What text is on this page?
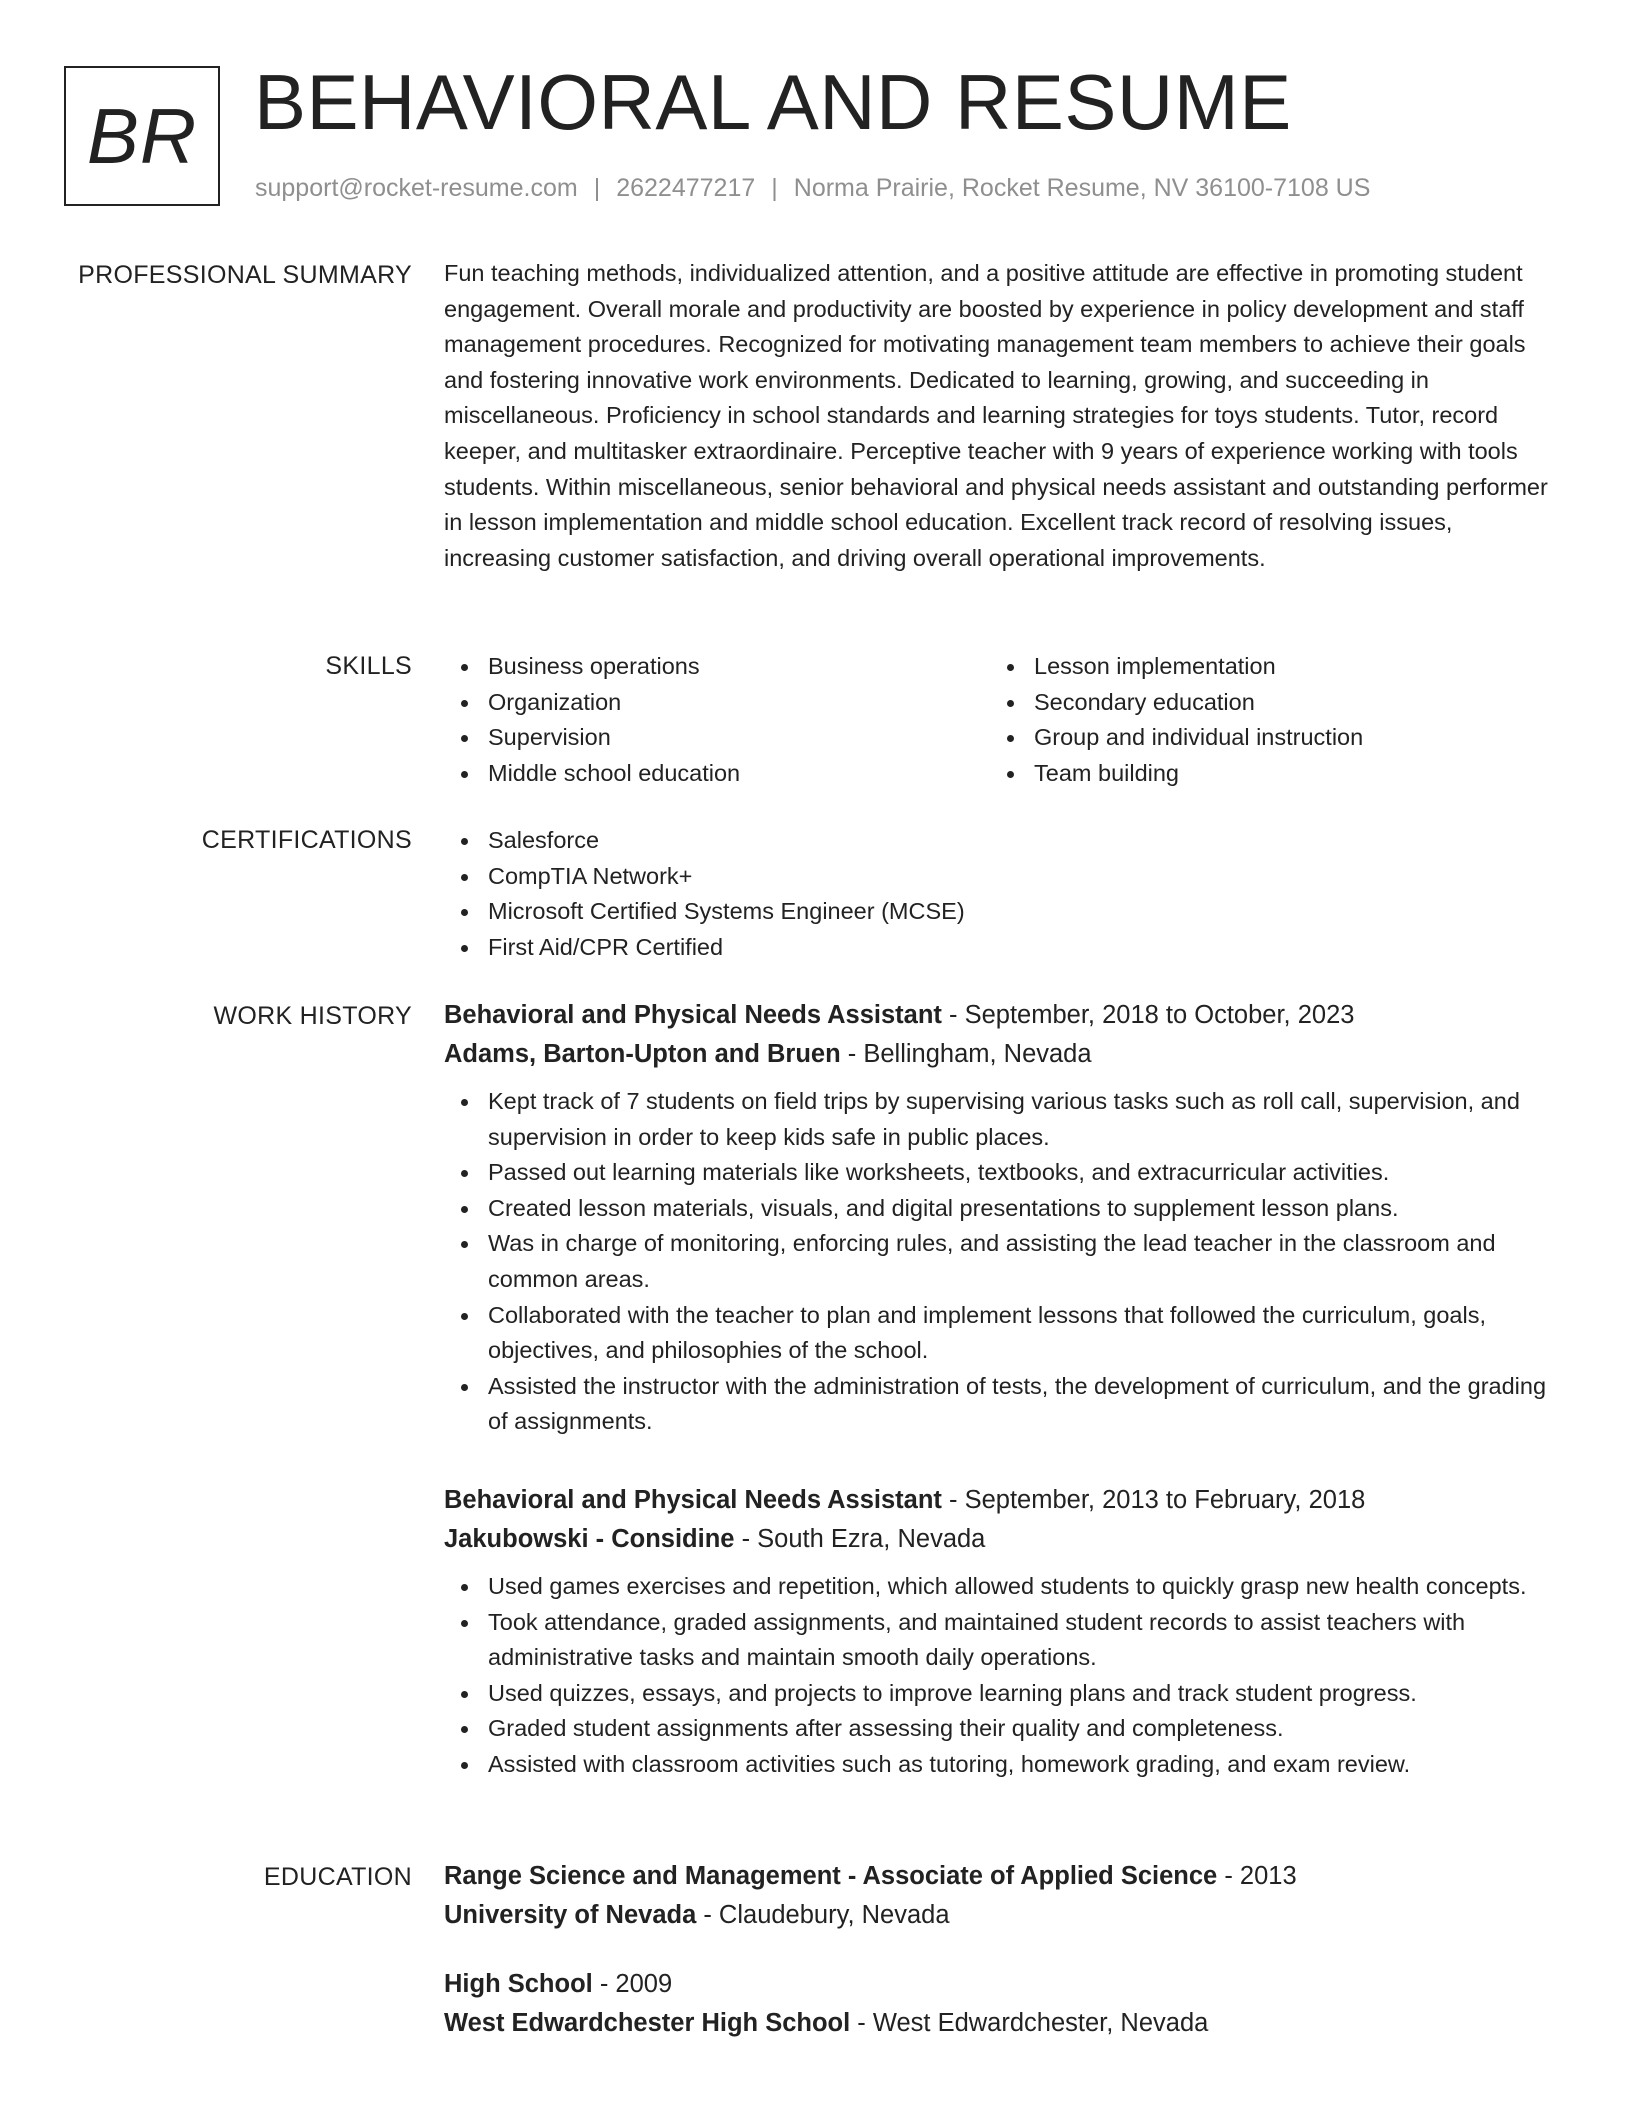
BR BEHAVIORAL AND RESUME
support@rocket-resume.com | 2622477217 | Norma Prairie, Rocket Resume, NV 36100-7108 US
PROFESSIONAL SUMMARY Fun teaching methods, individualized attention, and a positive attitude are effective in promoting student engagement. Overall morale and productivity are boosted by experience in policy development and staff management procedures. Recognized for motivating management team members to achieve their goals and fostering innovative work environments. Dedicated to learning, growing, and succeeding in miscellaneous. Proficiency in school standards and learning strategies for toys students. Tutor, record keeper, and multitasker extraordinaire. Perceptive teacher with 9 years of experience working with tools students. Within miscellaneous, senior behavioral and physical needs assistant and outstanding performer in lesson implementation and middle school education. Excellent track record of resolving issues, increasing customer satisfaction, and driving overall operational improvements.

SKILLS	Business operations
Organization
Supervision
Middle school education
Lesson implementation
Secondary education
Group and individual instruction
Team building
CERTIFICATIONS	Salesforce
CompTIA Network+
Microsoft Certified Systems Engineer (MCSE)
First Aid/CPR Certified
WORK HISTORY Behavioral and Physical Needs Assistant - September, 2018 to October, 2023
Adams, Barton-Upton and Bruen - Bellingham, Nevada
Kept track of 7 students on field trips by supervising various tasks such as roll call, supervision, and supervision in order to keep kids safe in public places.
Passed out learning materials like worksheets, textbooks, and extracurricular activities.
Created lesson materials, visuals, and digital presentations to supplement lesson plans.
Was in charge of monitoring, enforcing rules, and assisting the lead teacher in the classroom and common areas.
Collaborated with the teacher to plan and implement lessons that followed the curriculum, goals, objectives, and philosophies of the school.
Assisted the instructor with the administration of tests, the development of curriculum, and the grading of assignments.
Behavioral and Physical Needs Assistant - September, 2013 to February, 2018
Jakubowski - Considine - South Ezra, Nevada
Used games exercises and repetition, which allowed students to quickly grasp new health concepts.
Took attendance, graded assignments, and maintained student records to assist teachers with administrative tasks and maintain smooth daily operations.
Used quizzes, essays, and projects to improve learning plans and track student progress.
Graded student assignments after assessing their quality and completeness.
Assisted with classroom activities such as tutoring, homework grading, and exam review.
EDUCATION Range Science and Management - Associate of Applied Science - 2013
University of Nevada - Claudebury, Nevada
High School - 2009
West Edwardchester High School - West Edwardchester, Nevada
